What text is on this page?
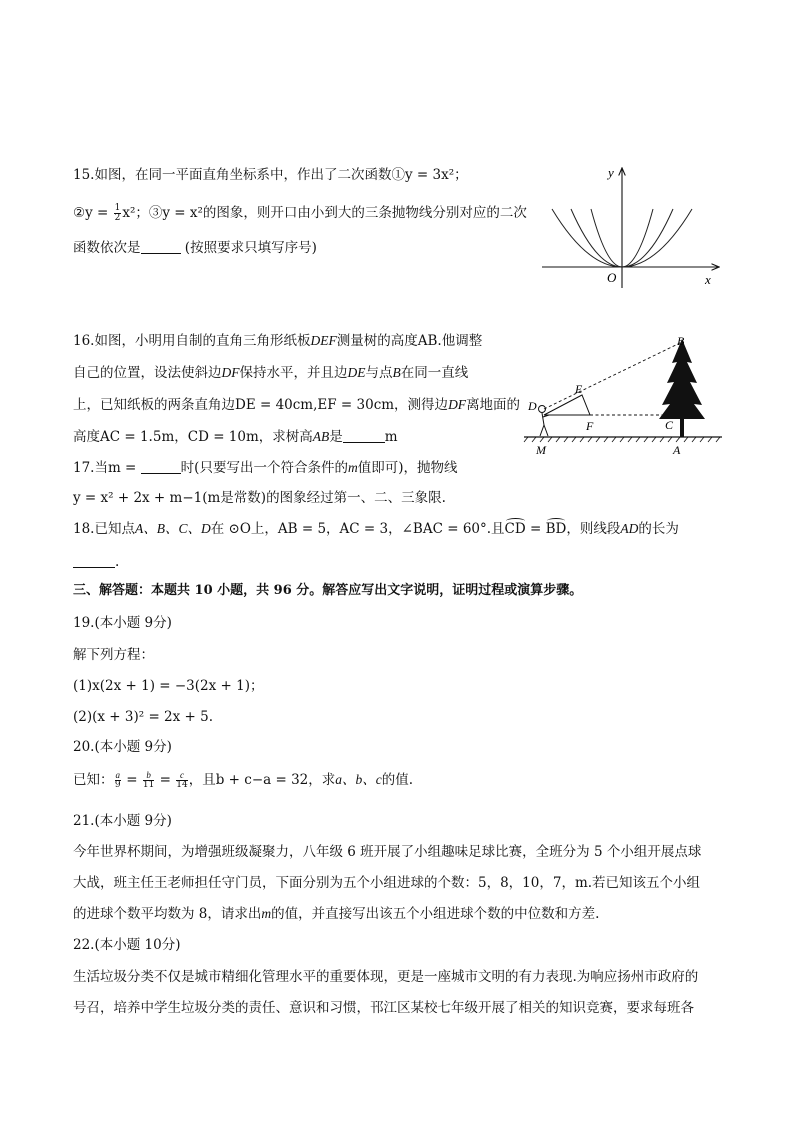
15.如图，在同一平面直角坐标系中，作出了二次函数①y = 3x²；
②y = $\frac{1}{2} x^2$；③y = x²的图象，则开口由小到大的三条抛物线分别对应的二次
函数依次是	(按照要求只填写序号)
y
x
O
16.如图，小明用自制的直角三角形纸板DEF测量树的高度AB.他调整
自己的位置，设法使斜边DF保持水平，并且边DE与点B在同一直线
上，已知纸板的两条直角边DE = 40cm,EF = 30cm，测得边DF离地面的
高度AC = 1.5m，CD = 10m，求树高AB是	m
B
E
D
F	C
M	A
17.当m =	时(只要写出一个符合条件的m值即可)，抛物线
y = x² + 2x + m−1(m是常数)的图象经过第一、二、三象限.
18.已知点A、B、C、D在 ⊙O上，AB = 5，AC = 3，∠BAC = 60°.且
CD =
BD，则线段AD的长为
.
三、解答题：本题共 10 小题，共 96 分。解答应写出文字说明，证明过程或演算步骤。
19.(本小题 9分)
解下列方程：
(1)x(2x + 1) = −3(2x + 1)；
(2)(x + 3)² = 2x + 5.
20.(本小题 9分)
已知： $\frac{a}{9} = \frac{b}{11} = \frac{c}{14}$ ，且b + c−a = 32，求a、b、c的值.
21.(本小题 9分)
今年世界杯期间，为增强班级凝聚力，八年级 6 班开展了小组趣味足球比赛，全班分为 5 个小组开展点球
大战，班主任王老师担任守门员，下面分别为五个小组进球的个数：5，8，10，7，m.若已知该五个小组
的进球个数平均数为 8，请求出m的值，并直接写出该五个小组进球个数的中位数和方差.
22.(本小题 10分)
生活垃圾分类不仅是城市精细化管理水平的重要体现，更是一座城市文明的有力表现.为响应扬州市政府的
号召，培养中学生垃圾分类的责任、意识和习惯，邗江区某校七年级开展了相关的知识竞赛，要求每班各
